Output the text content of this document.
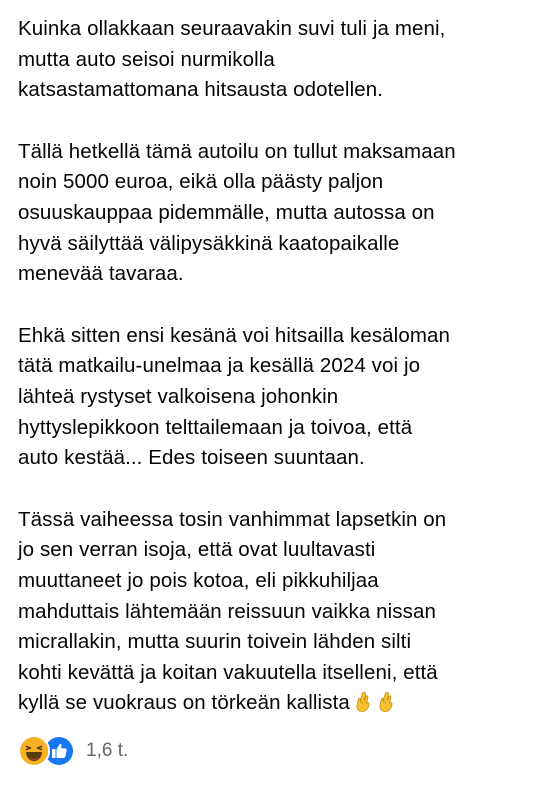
Kuinka ollakkaan seuraavakin suvi tuli ja meni,
mutta auto seisoi nurmikolla
katsastamattomana hitsausta odotellen.

Tällä hetkellä tämä autoilu on tullut maksamaan
noin 5000 euroa, eikä olla päästy paljon
osuuskauppaa pidemmälle, mutta autossa on
hyvä säilyttää välipysäkkinä kaatopaikalle
menevää tavaraa.

Ehkä sitten ensi kesänä voi hitsailla kesäloman
tätä matkailu-unelmaa ja kesällä 2024 voi jo
lähteä rystyset valkoisena johonkin
hyttyslepikkoon telttailemaan ja toivoa, että
auto kestää... Edes toiseen suuntaan.

Tässä vaiheessa tosin vanhimmat lapsetkin on
jo sen verran isoja, että ovat luultavasti
muuttaneet jo pois kotoa, eli pikkuhiljaa
mahduttais lähtemään reissuun vaikka nissan
micrallakin, mutta suurin toivein lähden silti
kohti kevättä ja koitan vakuutella itselleni, että
kyllä se vuokraus on törkeän kallista

1,6 t.
